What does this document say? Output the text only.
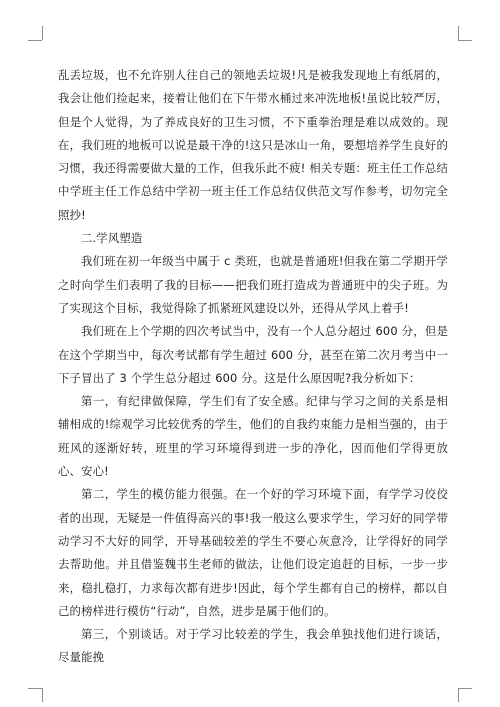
乱丢垃圾，也不允许别人往自己的领地丢垃圾!凡是被我发现地上有纸屑的，我会让他们捡起来，接着让他们在下午带水桶过来冲洗地板!虽说比较严厉，但是个人觉得，为了养成良好的卫生习惯，不下重拳治理是难以成效的。现在，我们班的地板可以说是最干净的!这只是冰山一角，要想培养学生良好的习惯，我还得需要做大量的工作，但我乐此不疲! 相关专题：班主任工作总结中学班主任工作总结中学初一班主任工作总结仅供范文写作参考，切勿完全照抄!

二.学风塑造

我们班在初一年级当中属于 c 类班，也就是普通班!但我在第二学期开学之时向学生们表明了我的目标——把我们班打造成为普通班中的尖子班。为了实现这个目标，我觉得除了抓紧班风建设以外，还得从学风上着手!

我们班在上个学期的四次考试当中，没有一个人总分超过 600 分，但是在这个学期当中，每次考试都有学生超过 600 分，甚至在第二次月考当中一下子冒出了 3 个学生总分超过 600 分。这是什么原因呢?我分析如下：

第一，有纪律做保障，学生们有了安全感。纪律与学习之间的关系是相辅相成的!综观学习比较优秀的学生，他们的自我约束能力是相当强的，由于班风的逐渐好转，班里的学习环境得到进一步的净化，因而他们学得更放心、安心!

第二，学生的模仿能力很强。在一个好的学习环境下面，有学学习佼佼者的出现，无疑是一件值得高兴的事!我一般这么要求学生，学习好的同学带动学习不大好的同学，开导基础较差的学生不要心灰意冷，让学得好的同学去帮助他。并且借鉴魏书生老师的做法，让他们设定追赶的目标，一步一步来，稳扎稳打，力求每次都有进步!因此，每个学生都有自己的榜样，都以自己的榜样进行模仿“行动”，自然，进步是属于他们的。

第三，个别谈话。对于学习比较差的学生，我会单独找他们进行谈话，尽量能挽
